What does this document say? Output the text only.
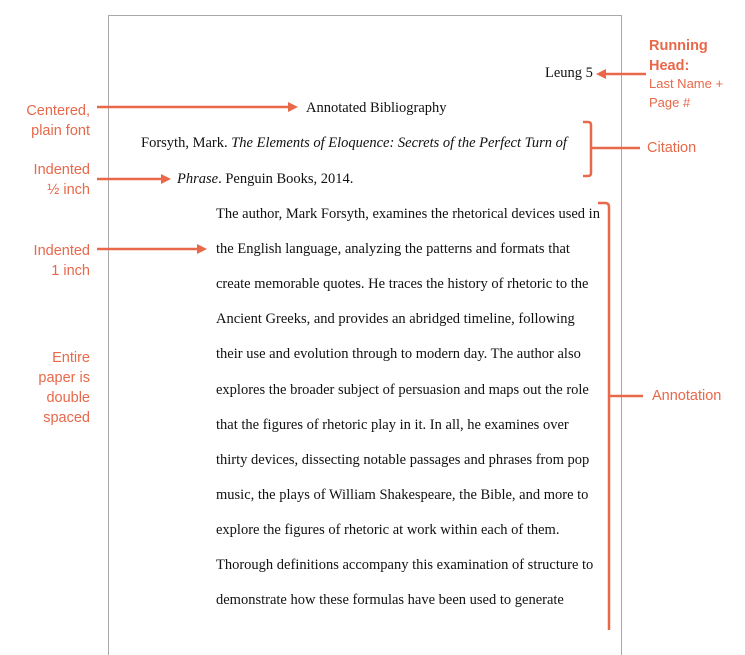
Leung 5
Annotated Bibliography
Forsyth, Mark. The Elements of Eloquence: Secrets of the Perfect Turn of
Phrase. Penguin Books, 2014.
The author, Mark Forsyth, examines the rhetorical devices used in
the English language, analyzing the patterns and formats that
create memorable quotes. He traces the history of rhetoric to the
Ancient Greeks, and provides an abridged timeline, following
their use and evolution through to modern day. The author also
explores the broader subject of persuasion and maps out the role
that the figures of rhetoric play in it. In all, he examines over
thirty devices, dissecting notable passages and phrases from pop
music, the plays of William Shakespeare, the Bible, and more to
explore the figures of rhetoric at work within each of them.
Thorough definitions accompany this examination of structure to
demonstrate how these formulas have been used to generate
Running Head:
Last Name +
Page #
Centered,
plain font
Indented
½ inch
Indented
1 inch
Entire
paper is
double
spaced
Citation
Annotation
